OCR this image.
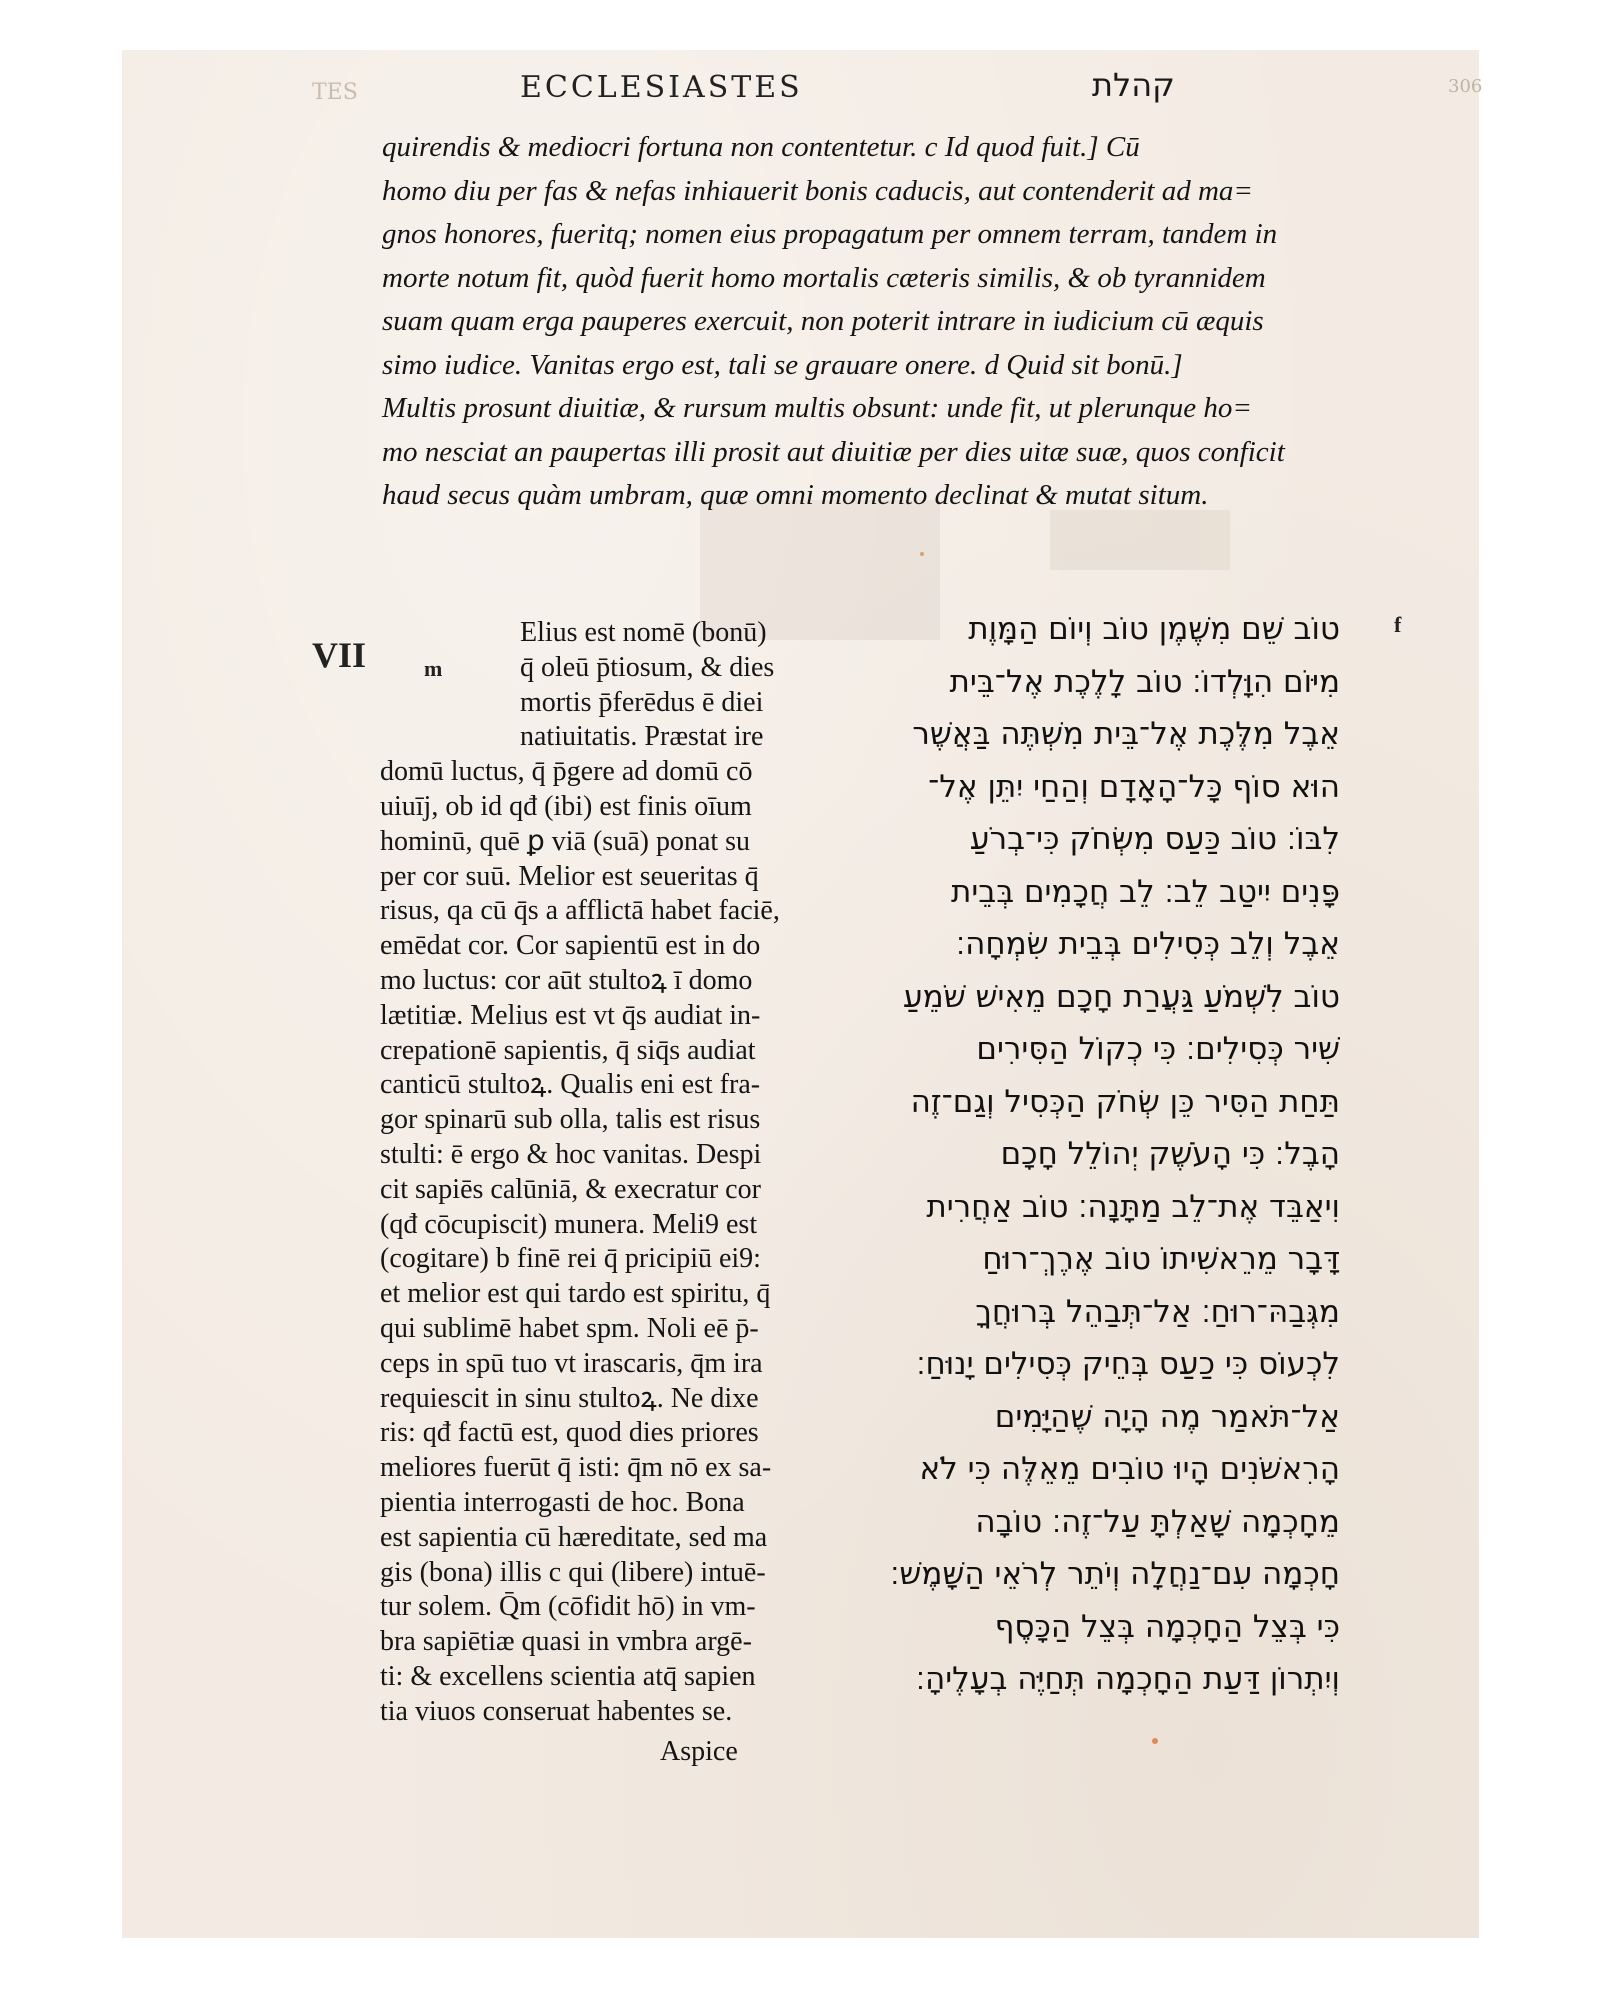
TES	ECCLESIASTES	קהלת	306
quirendis & mediocri fortuna non contentetur. c Id quod fuit.] Cū
homo diu per fas & nefas inhiauerit bonis caducis, aut contenderit ad ma=
gnos honores, fueritq; nomen eius propagatum per omnem terram, tandem in
morte notum fit, quòd fuerit homo mortalis cæteris similis, & ob tyrannidem
suam quam erga pauperes exercuit, non poterit intrare in iudicium cū æquis
simo iudice. Vanitas ergo est, tali se grauare onere. d Quid sit bonū.]
Multis prosunt diuitiæ, & rursum multis obsunt: unde fit, ut plerunque ho=
mo nesciat an paupertas illi prosit aut diuitiæ per dies uitæ suæ, quos conficit
haud secus quàm umbram, quæ omni momento declinat & mutat situm.
VII	m
f
Elius est nomē (bonū)
q̄ oleū p̄tiosum, & dies
mortis p̄ferēdus ē diei
natiuitatis. Præstat ire
domū luctus, q̄ p̄gere ad domū cō
uiuīj, ob id qđ (ibi) est finis oīum
hominū, quē ꝑ viā (suā) ponat su
per cor suū. Melior est seueritas q̄
risus, qa cū q̄s a afflictā habet faciē,
emēdat cor. Cor sapientū est in do
mo luctus: cor aūt stultoꝝ ī domo
lætitiæ. Melius est vt q̄s audiat in-
crepationē sapientis, q̄ siq̄s audiat
canticū stultoꝝ. Qualis eni est fra-
gor spinarū sub olla, talis est risus
stulti: ē ergo & hoc vanitas. Despi
cit sapiēs calūniā, & execratur cor
(qđ cōcupiscit) munera. Meli9 est
(cogitare) b finē rei q̄ pricipiū ei9:
et melior est qui tardo est spiritu, q̄
qui sublimē habet spm. Noli eē p̄-
ceps in spū tuo vt irascaris, q̄m ira
requiescit in sinu stultoꝝ. Ne dixe
ris: qđ factū est, quod dies priores
meliores fuerūt q̄ isti: q̄m nō ex sa-
pientia interrogasti de hoc. Bona
est sapientia cū hæreditate, sed ma
gis (bona) illis c qui (libere) intuē-
tur solem. Q̄m (cōfidit hō) in vm-
bra sapiētiæ quasi in vmbra argē-
ti: & excellens scientia atq̄ sapien
tia viuos conseruat habentes se.
Aspice
טוֹב שֵׁם מִשֶּׁמֶן טוֹב וְיוֹם הַמָּוֶת
מִיּוֹם הִוָּלְדוֹ׃ טוֹב לָלֶכֶת אֶל־בֵּית
אֵבֶל מִלֶּכֶת אֶל־בֵּית מִשְׁתֶּה בַּאֲשֶׁר
הוּא סוֹף כָּל־הָאָדָם וְהַחַי יִתֵּן אֶל־
לִבּוֹ׃ טוֹב כַּעַס מִשְּׂחֹק כִּי־בְרֹעַ
פָּנִים יִיטַב לֵב׃ לֵב חֲכָמִים בְּבֵית
אֵבֶל וְלֵב כְּסִילִים בְּבֵית שִׂמְחָה׃
טוֹב לִשְׁמֹעַ גַּעֲרַת חָכָם מֵאִישׁ שֹׁמֵעַ
שִׁיר כְּסִילִים׃ כִּי כְקוֹל הַסִּירִים
תַּחַת הַסִּיר כֵּן שְׂחֹק הַכְּסִיל וְגַם־זֶה
הָבֶל׃ כִּי הָעֹשֶׁק יְהוֹלֵל חָכָם
וִיאַבֵּד אֶת־לֵב מַתָּנָה׃ טוֹב אַחֲרִית
דָּבָר מֵרֵאשִׁיתוֹ טוֹב אֶרֶךְ־רוּחַ
מִגְּבַהּ־רוּחַ׃ אַל־תְּבַהֵל בְּרוּחֲךָ
לִכְעוֹס כִּי כַעַס בְּחֵיק כְּסִילִים יָנוּחַ׃
אַל־תֹּאמַר מֶה הָיָה שֶׁהַיָּמִים
הָרִאשֹׁנִים הָיוּ טוֹבִים מֵאֵלֶּה כִּי לֹא
מֵחָכְמָה שָׁאַלְתָּ עַל־זֶה׃ טוֹבָה
חָכְמָה עִם־נַחֲלָה וְיֹתֵר לְרֹאֵי הַשָּׁמֶשׁ׃
כִּי בְּצֵל הַחָכְמָה בְּצֵל הַכָּסֶף
וְיִתְרוֹן דַּעַת הַחָכְמָה תְּחַיֶּה בְעָלֶיהָ׃
